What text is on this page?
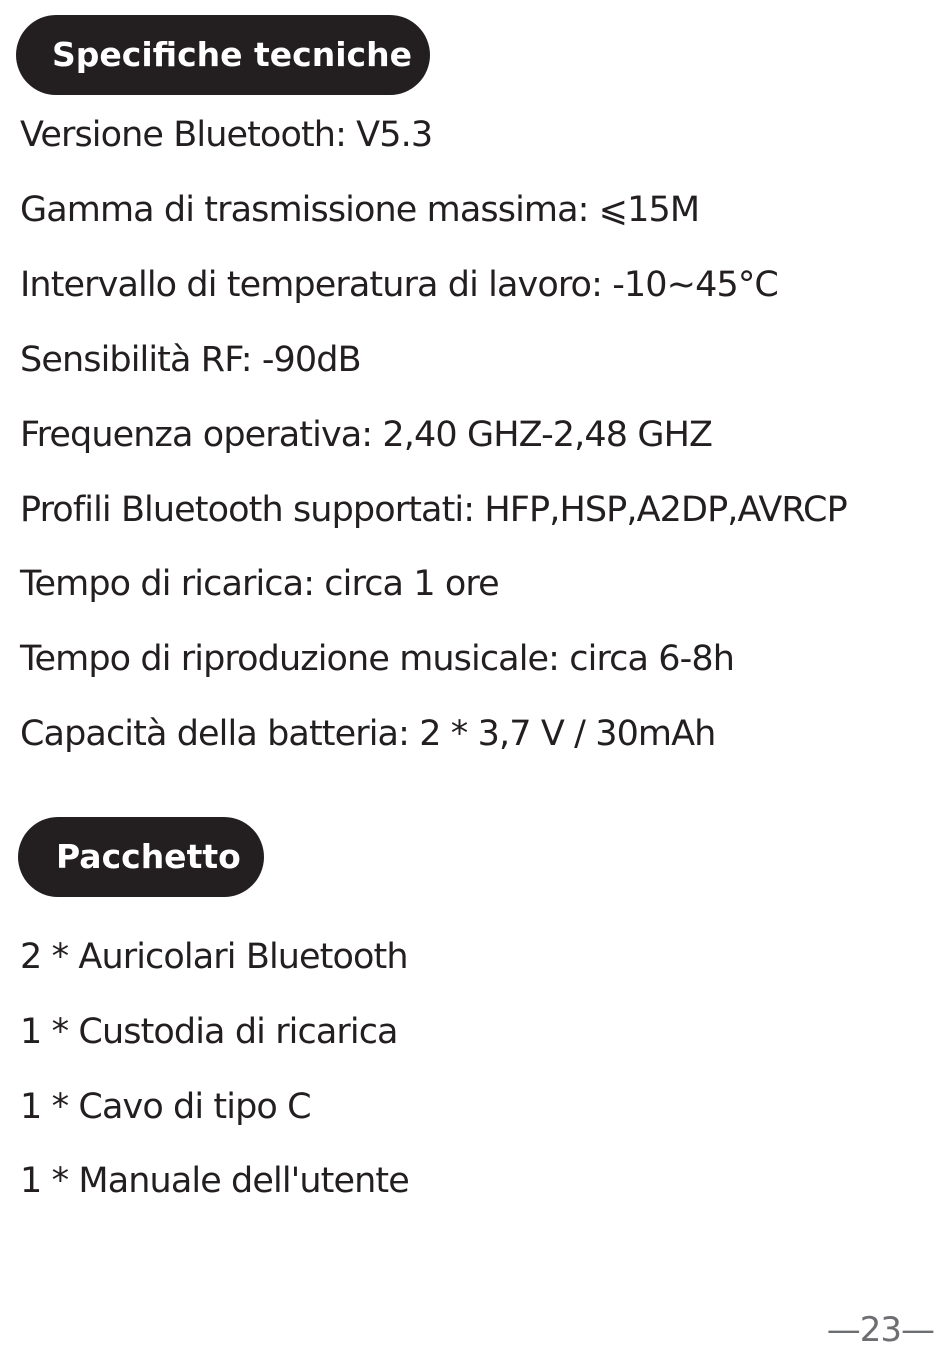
Specifiche tecniche
Versione Bluetooth: V5.3
Gamma di trasmissione massima: ⩽15M
Intervallo di temperatura di lavoro: -10~45°C
Sensibilità RF: -90dB
Frequenza operativa: 2,40 GHZ-2,48 GHZ
Profili Bluetooth supportati: HFP,HSP,A2DP,AVRCP
Tempo di ricarica: circa 1 ore
Tempo di riproduzione musicale: circa 6-8h
Capacità della batteria: 2 * 3,7 V / 30mAh
Pacchetto
2 * Auricolari Bluetooth
1 * Custodia di ricarica
1 * Cavo di tipo C
1 * Manuale dell'utente
—23—
